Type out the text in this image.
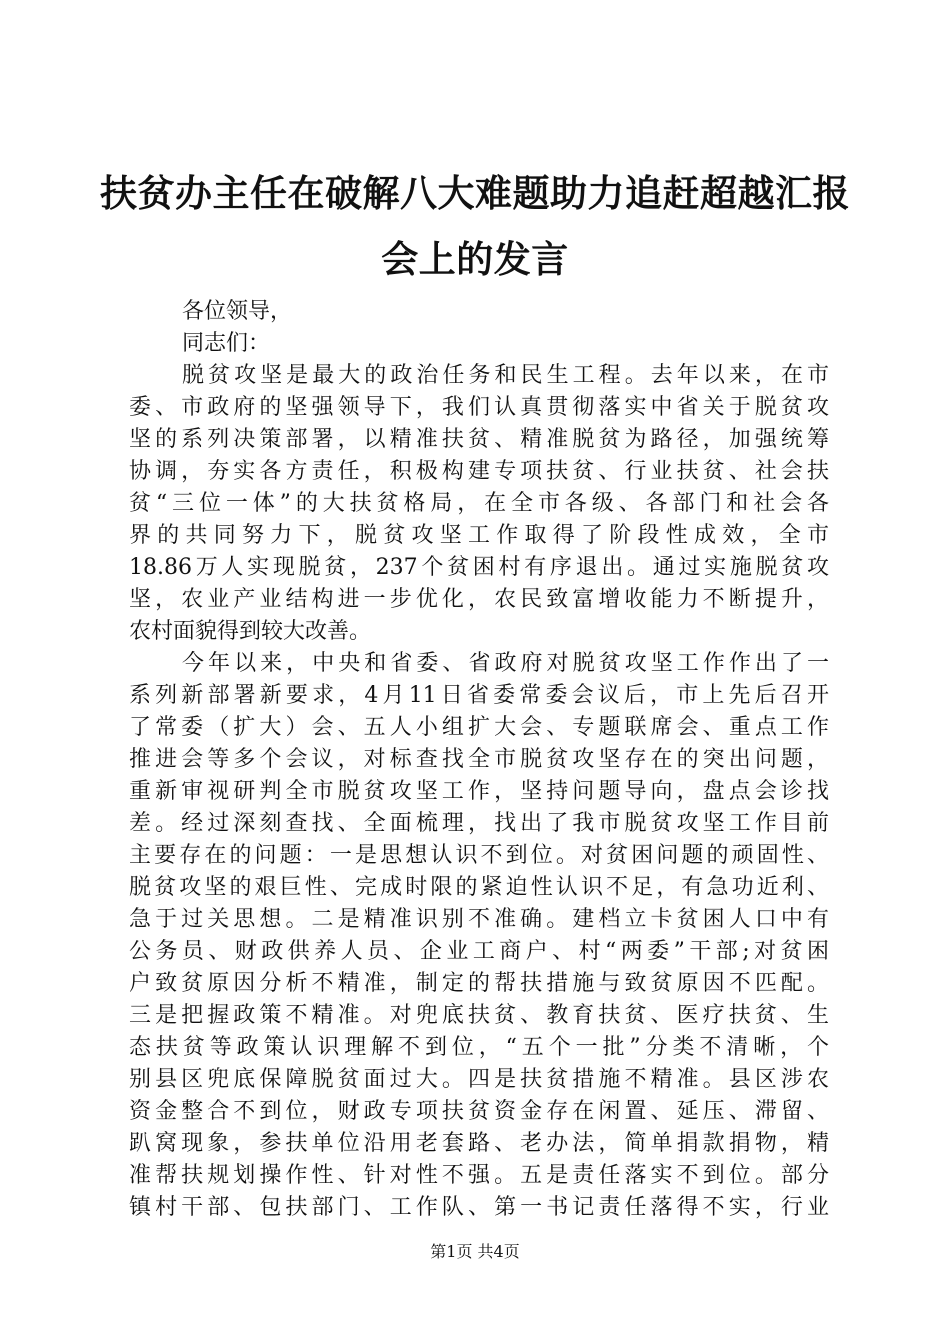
扶贫办主任在破解八大难题助力追赶超越汇报
会上的发言
各位领导，
同志们：
脱贫攻坚是最大的政治任务和民生工程。去年以来，在市
委、市政府的坚强领导下，我们认真贯彻落实中省关于脱贫攻
坚的系列决策部署，以精准扶贫、精准脱贫为路径，加强统筹
协调，夯实各方责任，积极构建专项扶贫、行业扶贫、社会扶
贫“三位一体”的大扶贫格局，在全市各级、各部门和社会各
界的共同努力下，脱贫攻坚工作取得了阶段性成效，全市
18.86万人实现脱贫，237个贫困村有序退出。通过实施脱贫攻
坚，农业产业结构进一步优化，农民致富增收能力不断提升，
农村面貌得到较大改善。
今年以来，中央和省委、省政府对脱贫攻坚工作作出了一
系列新部署新要求，4月11日省委常委会议后，市上先后召开
了常委（扩大）会、五人小组扩大会、专题联席会、重点工作
推进会等多个会议，对标查找全市脱贫攻坚存在的突出问题，
重新审视研判全市脱贫攻坚工作，坚持问题导向，盘点会诊找
差。经过深刻查找、全面梳理，找出了我市脱贫攻坚工作目前
主要存在的问题：一是思想认识不到位。对贫困问题的顽固性、
脱贫攻坚的艰巨性、完成时限的紧迫性认识不足，有急功近利、
急于过关思想。二是精准识别不准确。建档立卡贫困人口中有
公务员、财政供养人员、企业工商户、村“两委”干部;对贫困
户致贫原因分析不精准，制定的帮扶措施与致贫原因不匹配。
三是把握政策不精准。对兜底扶贫、教育扶贫、医疗扶贫、生
态扶贫等政策认识理解不到位，“五个一批”分类不清晰，个
别县区兜底保障脱贫面过大。四是扶贫措施不精准。县区涉农
资金整合不到位，财政专项扶贫资金存在闲置、延压、滞留、
趴窝现象，参扶单位沿用老套路、老办法，简单捐款捐物，精
准帮扶规划操作性、针对性不强。五是责任落实不到位。部分
镇村干部、包扶部门、工作队、第一书记责任落得不实，行业
第1页 共4页
